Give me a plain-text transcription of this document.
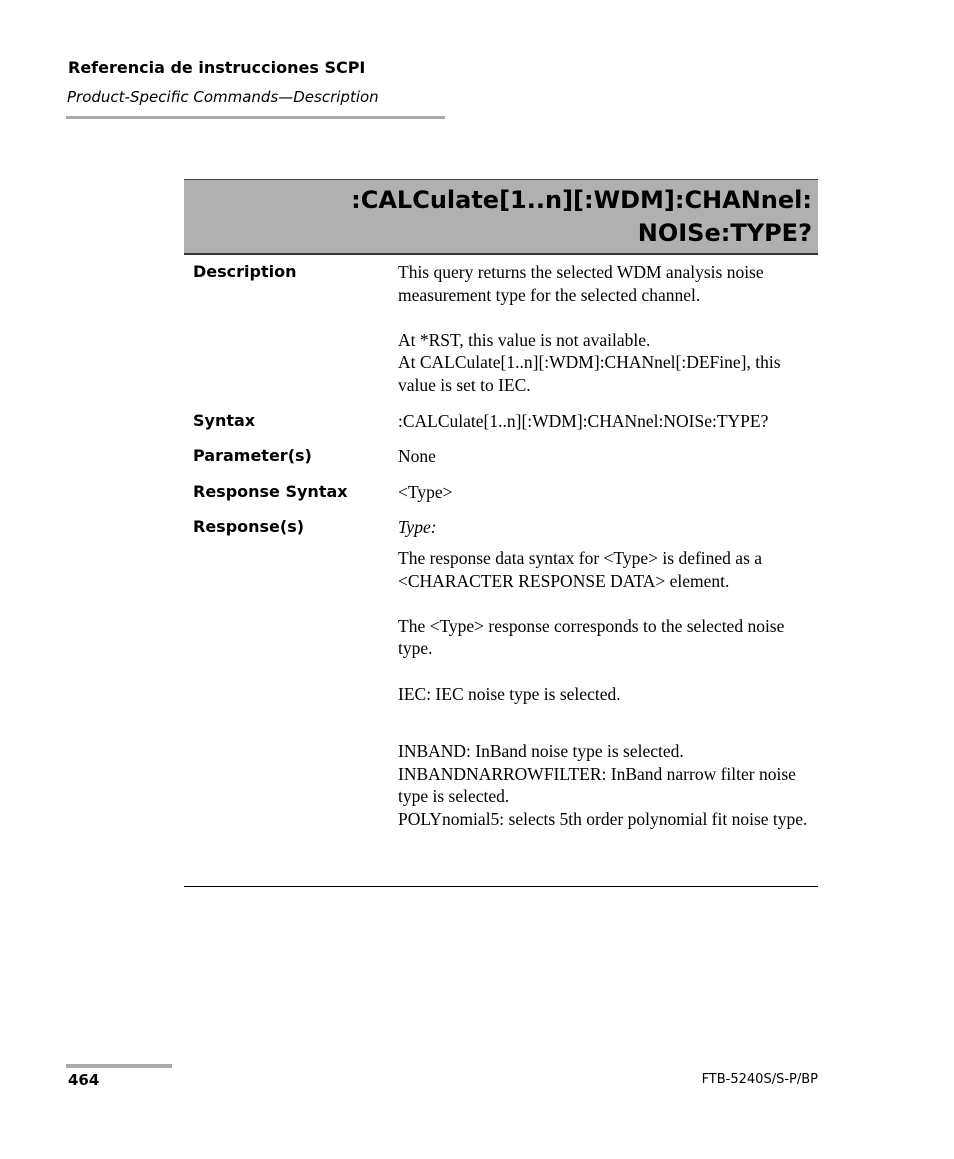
Referencia de instrucciones SCPI
Product-Specific Commands—Description
:CALCulate[1..n][:WDM]:CHANnel:
NOISe:TYPE?
Description	This query returns the selected WDM analysis noise measurement type for the selected channel.

At *RST, this value is not available.

At CALCulate[1..n][:WDM]:CHANnel[:DEFine], this value is set to IEC.

Syntax	:CALCulate[1..n][:WDM]:CHANnel:NOISe:TYPE?
Parameter(s)	None
Response Syntax	<Type>
Response(s)	Type:

The response data syntax for <Type> is defined as a <CHARACTER RESPONSE DATA> element.

The <Type> response corresponds to the selected noise type.

IEC: IEC noise type is selected.

INBAND: InBand noise type is selected.

INBANDNARROWFILTER: InBand narrow filter noise type is selected.

POLYnomial5: selects 5th order polynomial fit noise type.

464	FTB-5240S/S-P/BP
